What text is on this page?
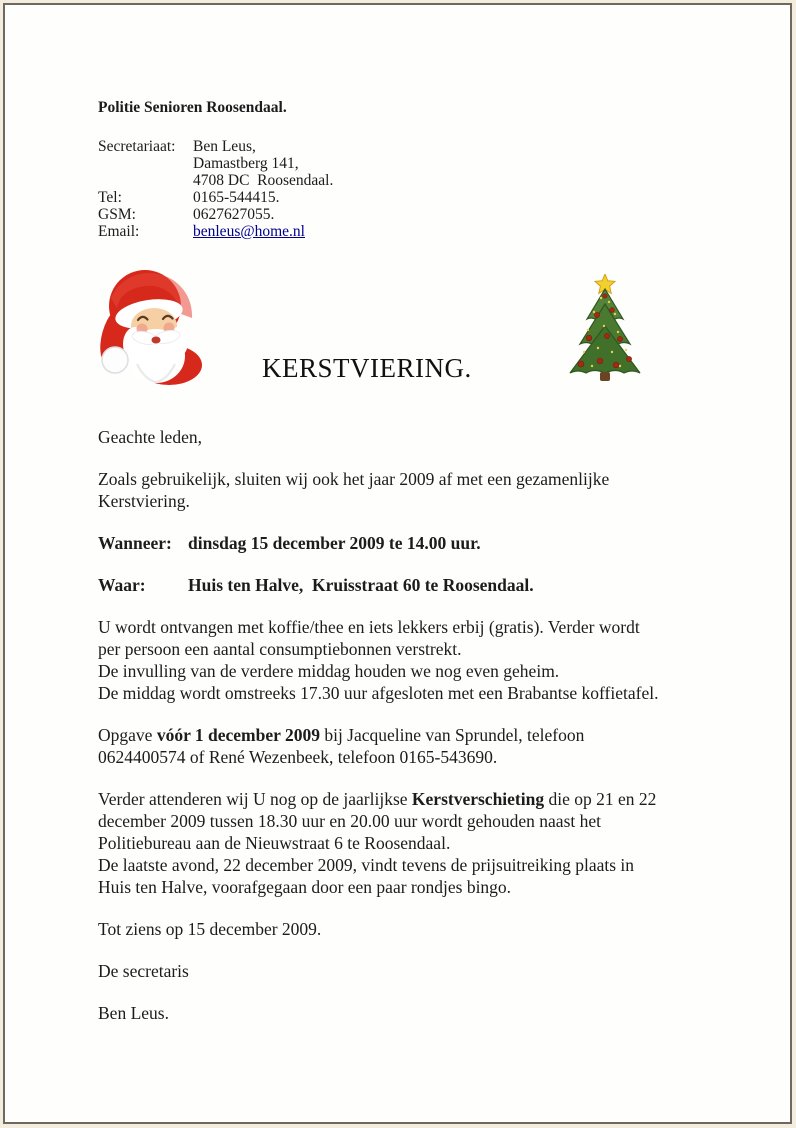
Politie Senioren Roosendaal.
Secretariaat:	Ben Leus,
Damastberg 141,
4708 DC  Roosendaal.
Tel:	0165-544415.
GSM:	0627627055.
Email:	benleus@home.nl
KERSTVIERING.
Geachte leden,
Zoals gebruikelijk, sluiten wij ook het jaar 2009 af met een gezamenlijke
Kerstviering.
Wanneer: dinsdag 15 december 2009 te 14.00 uur.
Waar:	Huis ten Halve,  Kruisstraat 60 te Roosendaal.
U wordt ontvangen met koffie/thee en iets lekkers erbij (gratis). Verder wordt
per persoon een aantal consumptiebonnen verstrekt.
De invulling van de verdere middag houden we nog even geheim.
De middag wordt omstreeks 17.30 uur afgesloten met een Brabantse koffietafel.
Opgave vóór 1 december 2009 bij Jacqueline van Sprundel, telefoon
0624400574 of René Wezenbeek, telefoon 0165-543690.
Verder attenderen wij U nog op de jaarlijkse Kerstverschieting die op 21 en 22
december 2009 tussen 18.30 uur en 20.00 uur wordt gehouden naast het
Politiebureau aan de Nieuwstraat 6 te Roosendaal.
De laatste avond, 22 december 2009, vindt tevens de prijsuitreiking plaats in
Huis ten Halve, voorafgegaan door een paar rondjes bingo.
Tot ziens op 15 december 2009.
De secretaris
Ben Leus.
